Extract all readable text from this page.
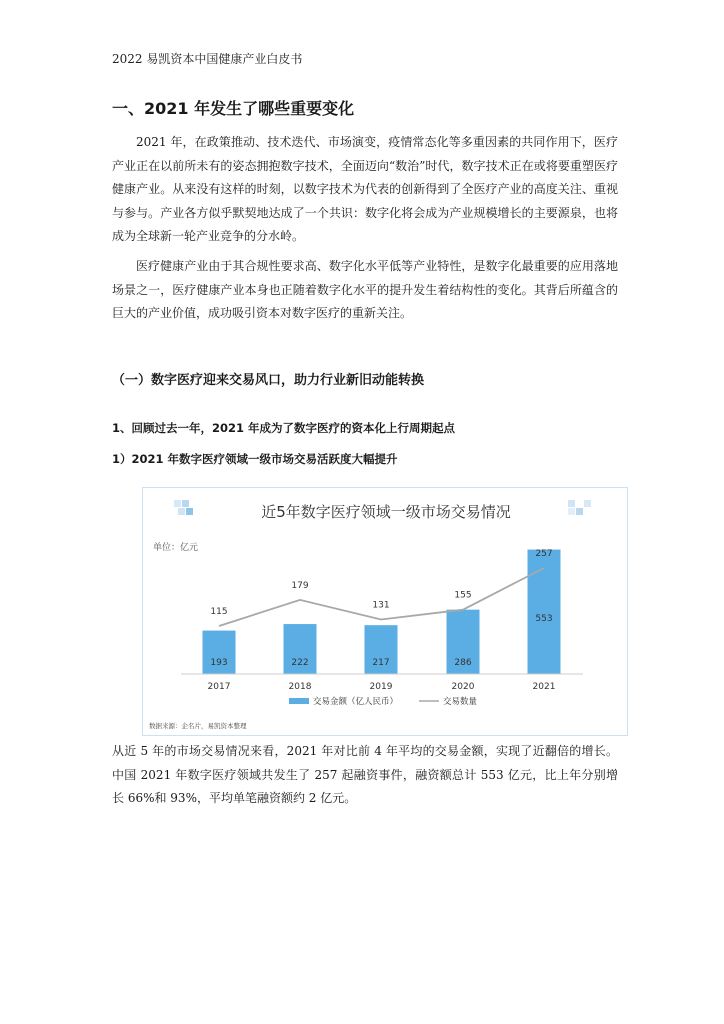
2022 易凯资本中国健康产业白皮书
一、2021 年发生了哪些重要变化

2021 年，在政策推动、技术迭代、市场演变，疫情常态化等多重因素的共同作用下，医疗产业正在以前所未有的姿态拥抱数字技术，全面迈向“数治”时代，数字技术正在或将要重塑医疗健康产业。从来没有这样的时刻，以数字技术为代表的创新得到了全医疗产业的高度关注、重视与参与。产业各方似乎默契地达成了一个共识：数字化将会成为产业规模增长的主要源泉，也将成为全球新一轮产业竞争的分水岭。

医疗健康产业由于其合规性要求高、数字化水平低等产业特性，是数字化最重要的应用落地场景之一，医疗健康产业本身也正随着数字化水平的提升发生着结构性的变化。其背后所蕴含的巨大的产业价值，成功吸引资本对数字医疗的重新关注。

（一）数字医疗迎来交易风口，助力行业新旧动能转换
1、回顾过去一年，2021 年成为了数字医疗的资本化上行周期起点
1）2021 年数字医疗领域一级市场交易活跃度大幅提升
近5年数字医疗领域一级市场交易情况
单位：亿元
193	222	217	286
553
115
179
131
155
257
2017	2018	2019	2020	2021
交易金额（亿人民币）	交易数量
数据来源：企名片，易凯资本整理

从近 5 年的市场交易情况来看，2021 年对比前 4 年平均的交易金额，实现了近翻倍的增长。中国 2021 年数字医疗领域共发生了 257 起融资事件，融资额总计 553 亿元，比上年分别增长 66%和 93%，平均单笔融资额约 2 亿元。
